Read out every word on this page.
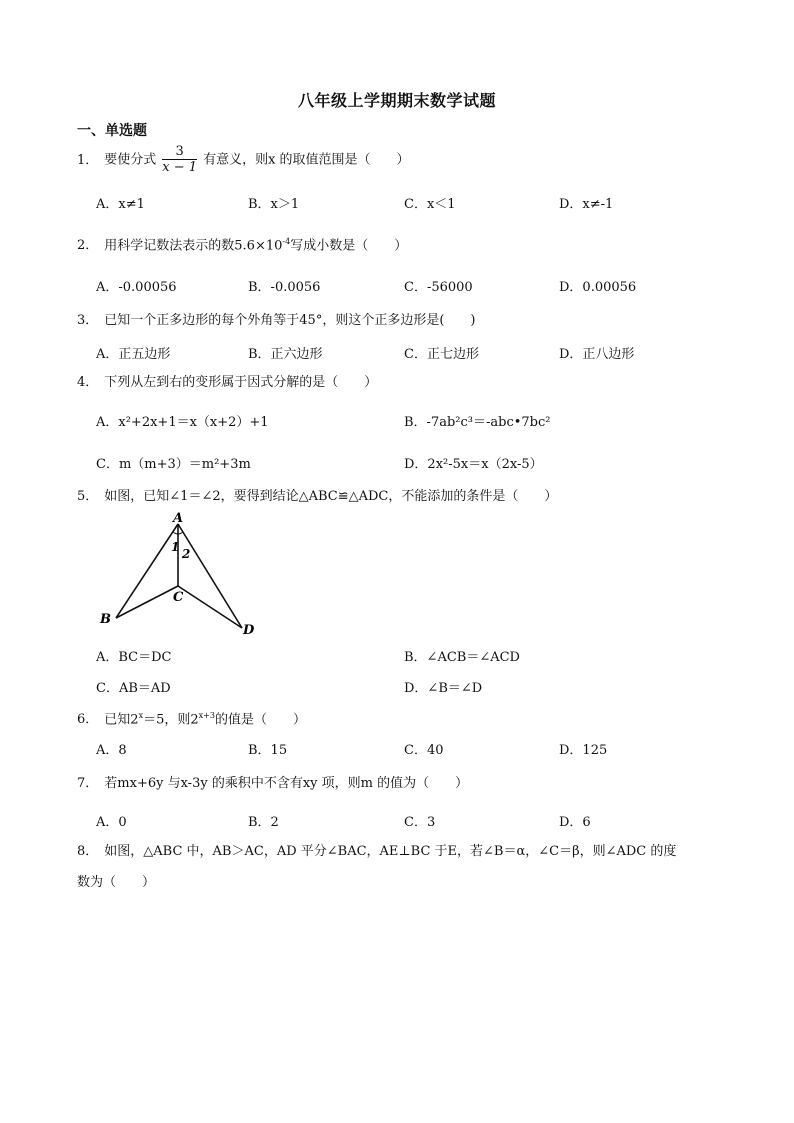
八年级上学期期末数学试题
一、单选题
1． 要使分式 $\frac{3}{x - 1}$ 有意义，则x 的取值范围是（　　）
A．x≠1	B．x＞1	C．x＜1	D．x≠-1
2． 用科学记数法表示的数$5.6\times 10^{-4}$写成小数是（　　）
A．-0.00056	B．-0.0056	C．-56000	D．0.00056
3． 已知一个正多边形的每个外角等于45°，则这个正多边形是(　　)
A．正五边形	B．正六边形	C．正七边形	D．正八边形
4． 下列从左到右的变形属于因式分解的是（　　）
A．x²+2x+1＝x（x+2）+1	B．-7ab²c³＝-abc•7bc²
C．m（m+3）＝m²+3m	D．2x²-5x＝x（2x-5）
5． 如图，已知∠1＝∠2，要得到结论△ABC≌△ADC，不能添加的条件是（　　）
A
B
C
D
1 2
A．BC＝DC	B．∠ACB＝∠ACD
C．AB＝AD	D．∠B＝∠D
6． 已知$2^x=5$，则$2^{x+3}$的值是（　　）
A．8	B．15	C．40	D．125
7． 若mx+6y 与x-3y 的乘积中不含有xy 项，则m 的值为（　　）
A．0	B．2	C．3	D．6
8． 如图，△ABC 中，AB＞AC，AD 平分∠BAC，AE⊥BC 于E，若∠B＝α，∠C＝β，则∠ADC 的度
数为（　　）
